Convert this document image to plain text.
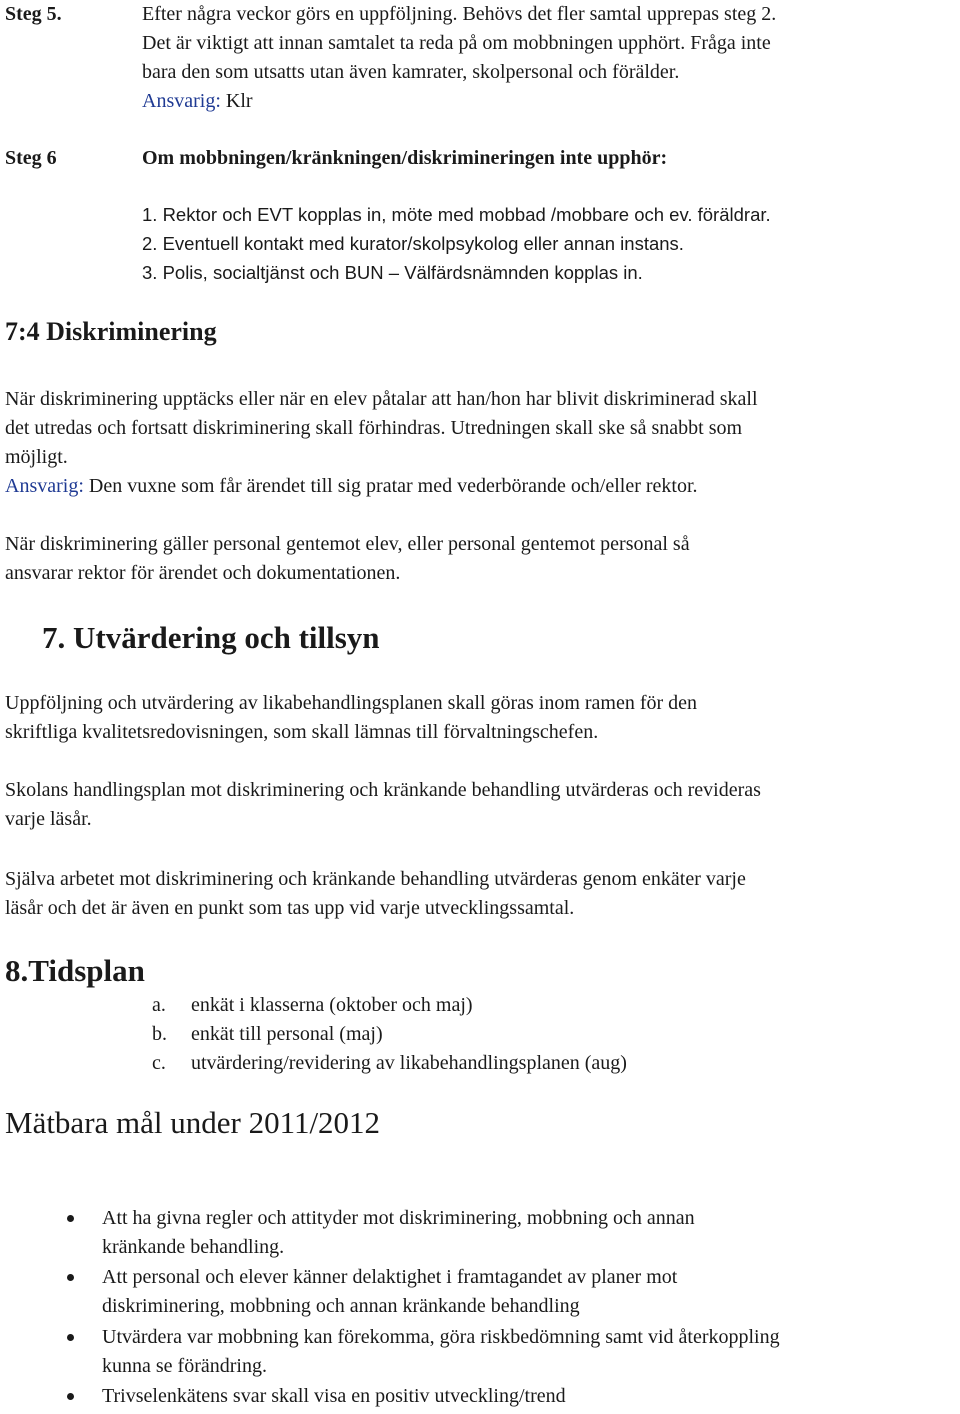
Steg 5.	Efter några veckor görs en uppföljning. Behövs det fler samtal upprepas steg 2.
Det är viktigt att innan samtalet ta reda på om mobbningen upphört. Fråga inte
bara den som utsatts utan även kamrater, skolpersonal och förälder.
Ansvarig: Klr
Steg 6	Om mobbningen/kränkningen/diskrimineringen inte upphör:
1. Rektor och EVT kopplas in, möte med mobbad /mobbare och ev. föräldrar.
2. Eventuell kontakt med kurator/skolpsykolog eller annan instans.
3. Polis, socialtjänst och BUN – Välfärdsnämnden kopplas in.
7:4 Diskriminering
När diskriminering upptäcks eller när en elev påtalar att han/hon har blivit diskriminerad skall
det utredas och fortsatt diskriminering skall förhindras. Utredningen skall ske så snabbt som
möjligt.
Ansvarig: Den vuxne som får ärendet till sig pratar med vederbörande och/eller rektor.
När diskriminering gäller personal gentemot elev, eller personal gentemot personal så
ansvarar rektor för ärendet och dokumentationen.
7. Utvärdering och tillsyn
Uppföljning och utvärdering av likabehandlingsplanen skall göras inom ramen för den
skriftliga kvalitetsredovisningen, som skall lämnas till förvaltningschefen.
Skolans handlingsplan mot diskriminering och kränkande behandling utvärderas och revideras
varje läsår.
Själva arbetet mot diskriminering och kränkande behandling utvärderas genom enkäter varje
läsår och det är även en punkt som tas upp vid varje utvecklingssamtal.
8.Tidsplan
a. enkät i klasserna (oktober och maj)
b. enkät till personal (maj)
c. utvärdering/revidering av likabehandlingsplanen (aug)
Mätbara mål under 2011/2012
Att ha givna regler och attityder mot diskriminering, mobbning och annan
kränkande behandling.
Att personal och elever känner delaktighet i framtagandet av planer mot
diskriminering, mobbning och annan kränkande behandling
Utvärdera var mobbning kan förekomma, göra riskbedömning samt vid återkoppling
kunna se förändring.
Trivselenkätens svar skall visa en positiv utveckling/trend
